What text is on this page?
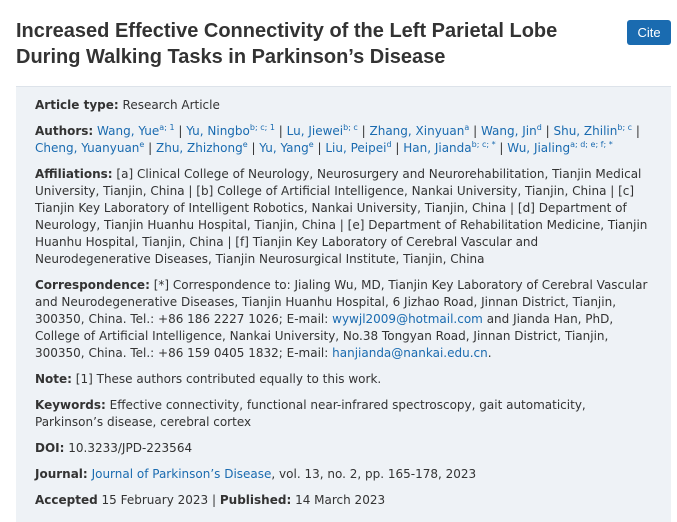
Increased Effective Connectivity of the Left Parietal Lobe During Walking Tasks in Parkinson’s Disease
Cite
Article type: Research Article
Authors: Wang, Yue$^{a; 1}$ | Yu, Ningbo$^{b; c; 1}$ | Lu, Jiewei$^{b; c}$ | Zhang, Xinyuan$^a$ | Wang, Jin$^d$ | Shu, Zhilin$^{b; c}$ | Cheng, Yuanyuan$^e$ | Zhu, Zhizhong$^e$ | Yu, Yang$^e$ | Liu, Peipei$^d$ | Han, Jianda$^{b; c; *}$ | Wu, Jialing$^{a; d; e; f; *}$
Affiliations: [a] Clinical College of Neurology, Neurosurgery and Neurorehabilitation, Tianjin Medical University, Tianjin, China | [b] College of Artificial Intelligence, Nankai University, Tianjin, China | [c] Tianjin Key Laboratory of Intelligent Robotics, Nankai University, Tianjin, China | [d] Department of Neurology, Tianjin Huanhu Hospital, Tianjin, China | [e] Department of Rehabilitation Medicine, Tianjin Huanhu Hospital, Tianjin, China | [f] Tianjin Key Laboratory of Cerebral Vascular and Neurodegenerative Diseases, Tianjin Neurosurgical Institute, Tianjin, China
Correspondence: [*] Correspondence to: Jialing Wu, MD, Tianjin Key Laboratory of Cerebral Vascular and Neurodegenerative Diseases, Tianjin Huanhu Hospital, 6 Jizhao Road, Jinnan District, Tianjin, 300350, China. Tel.: +86 186 2227 1026; E-mail: wywjl2009@hotmail.com and Jianda Han, PhD, College of Artificial Intelligence, Nankai University, No.38 Tongyan Road, Jinnan District, Tianjin, 300350, China. Tel.: +86 159 0405 1832; E-mail: hanjianda@nankai.edu.cn.
Note: [1] These authors contributed equally to this work.
Keywords: Effective connectivity, functional near-infrared spectroscopy, gait automaticity, Parkinson’s disease, cerebral cortex
DOI: 10.3233/JPD-223564
Journal: Journal of Parkinson’s Disease, vol. 13, no. 2, pp. 165-178, 2023
Accepted 15 February 2023 | Published: 14 March 2023
